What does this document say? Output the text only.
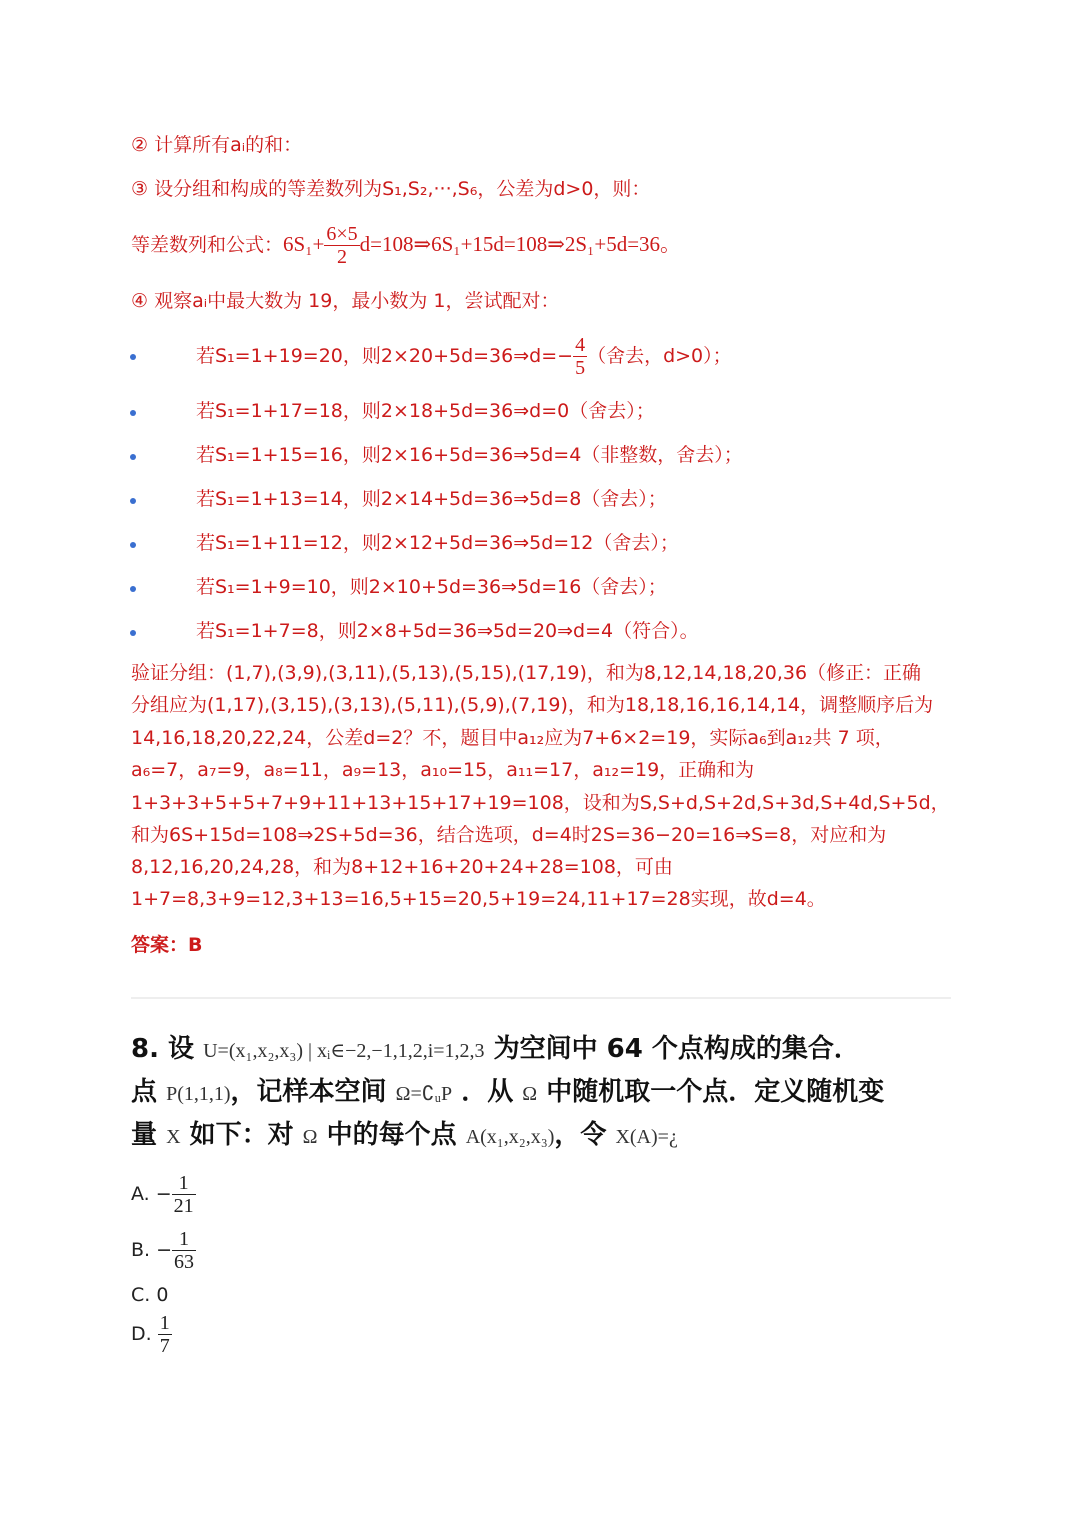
② 计算所有aᵢ的和：
③ 设分组和构成的等差数列为S₁,S₂,···,S₆，公差为d>0，则：
等差数列和公式：$6S_1+ \frac{6\times 5}{2}$ d=108⇒6S₁+15d=108⇒2S₁+5d=36。
④ 观察aᵢ中最大数为 19，最小数为 1，尝试配对：
若S₁=1+19=20，则2×20+5d=36⇒d=− $\frac{4}{5}$ （舍去，d>0）；
若S₁=1+17=18，则2×18+5d=36⇒d=0（舍去）；
若S₁=1+15=16，则2×16+5d=36⇒5d=4（非整数，舍去）；
若S₁=1+13=14，则2×14+5d=36⇒5d=8（舍去）；
若S₁=1+11=12，则2×12+5d=36⇒5d=12（舍去）；
若S₁=1+9=10，则2×10+5d=36⇒5d=16（舍去）；
若S₁=1+7=8，则2×8+5d=36⇒5d=20⇒d=4（符合）。
验证分组：(1,7),(3,9),(3,11),(5,13),(5,15),(17,19)，和为8,12,14,18,20,36（修正：正确
分组应为(1,17),(3,15),(3,13),(5,11),(5,9),(7,19)，和为18,18,16,16,14,14，调整顺序后为
14,16,18,20,22,24，公差d=2？不，题目中a₁₂应为7+6×2=19，实际a₆到a₁₂共 7 项，
a₆=7，a₇=9，a₈=11，a₉=13，a₁₀=15，a₁₁=17，a₁₂=19，正确和为
1+3+3+5+5+7+9+11+13+15+17+19=108，设和为S,S+d,S+2d,S+3d,S+4d,S+5d，
和为6S+15d=108⇒2S+5d=36，结合选项，d=4时2S=36−20=16⇒S=8，对应和为
8,12,16,20,24,28，和为8+12+16+20+24+28=108，可由
1+7=8,3+9=12,3+13=16,5+15=20,5+19=24,11+17=28实现，故d=4。
答案：B
8. 设 U=(x₁,x₂,x₃) | xᵢ∈−2,−1,1,2,i=1,2,3 为空间中 64 个点构成的集合．
点 P(1,1,1)，记样本空间 Ω=∁ᵤP ．从 Ω 中随机取一个点．定义随机变
量 X 如下：对 Ω 中的每个点 A(x₁,x₂,x₃)，令 X(A)=¿
A. − $\frac{1}{21}$
B. − $\frac{1}{63}$
C. 0
D. $\frac{1}{7}$
